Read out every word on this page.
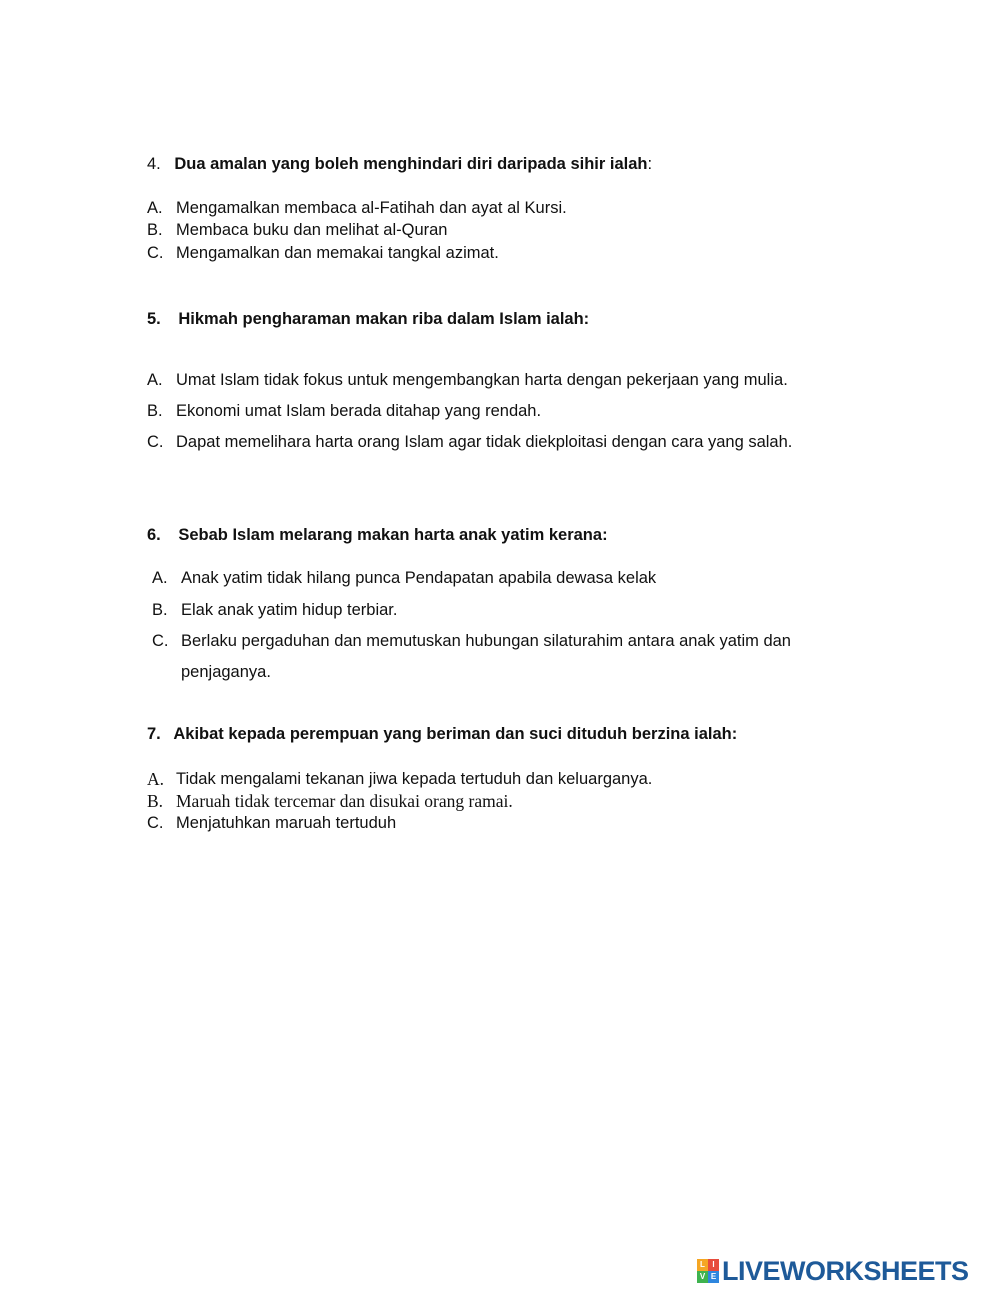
4. Dua amalan yang boleh menghindari diri daripada sihir ialah:
A. Mengamalkan membaca al-Fatihah dan ayat al Kursi.
B. Membaca buku dan melihat al-Quran
C. Mengamalkan dan memakai tangkal azimat.
5. Hikmah pengharaman makan riba dalam Islam ialah:
A. Umat Islam tidak fokus untuk mengembangkan harta dengan pekerjaan yang mulia.
B. Ekonomi umat Islam berada ditahap yang rendah.
C. Dapat memelihara harta orang Islam agar tidak diekploitasi dengan cara yang salah.
6. Sebab Islam melarang makan harta anak yatim kerana:
A. Anak yatim tidak hilang punca Pendapatan apabila dewasa kelak
B. Elak anak yatim hidup terbiar.
C. Berlaku pergaduhan dan memutuskan hubungan silaturahim antara anak yatim dan
penjaganya.
7. Akibat kepada perempuan yang beriman dan suci dituduh berzina ialah:
A. Tidak mengalami tekanan jiwa kepada tertuduh dan keluarganya.
B. Maruah tidak tercemar dan disukai orang ramai.
C. Menjatuhkan maruah tertuduh
L I
V E LIVEWORKSHEETS
